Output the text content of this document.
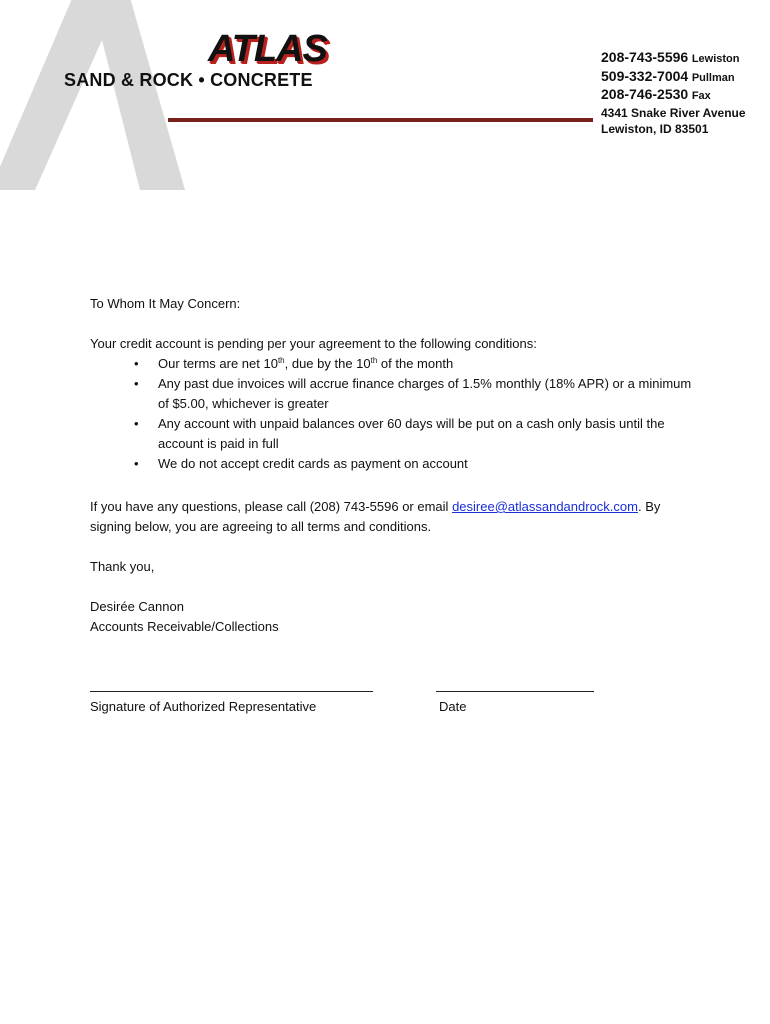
ATLAS
SAND & ROCK • CONCRETE
208-743-5596 Lewiston
509-332-7004 Pullman
208-746-2530 Fax
4341 Snake River Avenue
Lewiston, ID 83501
To Whom It May Concern:
Your credit account is pending per your agreement to the following conditions:
• Our terms are net 10th, due by the 10th of the month
• Any past due invoices will accrue finance charges of 1.5% monthly (18% APR) or a minimum of $5.00, whichever is greater
• Any account with unpaid balances over 60 days will be put on a cash only basis until the account is paid in full
• We do not accept credit cards as payment on account
If you have any questions, please call (208) 743-5596 or email desiree@atlassandandrock.com. By signing below, you are agreeing to all terms and conditions.
Thank you,
Desirée Cannon
Accounts Receivable/Collections
Signature of Authorized Representative	Date
